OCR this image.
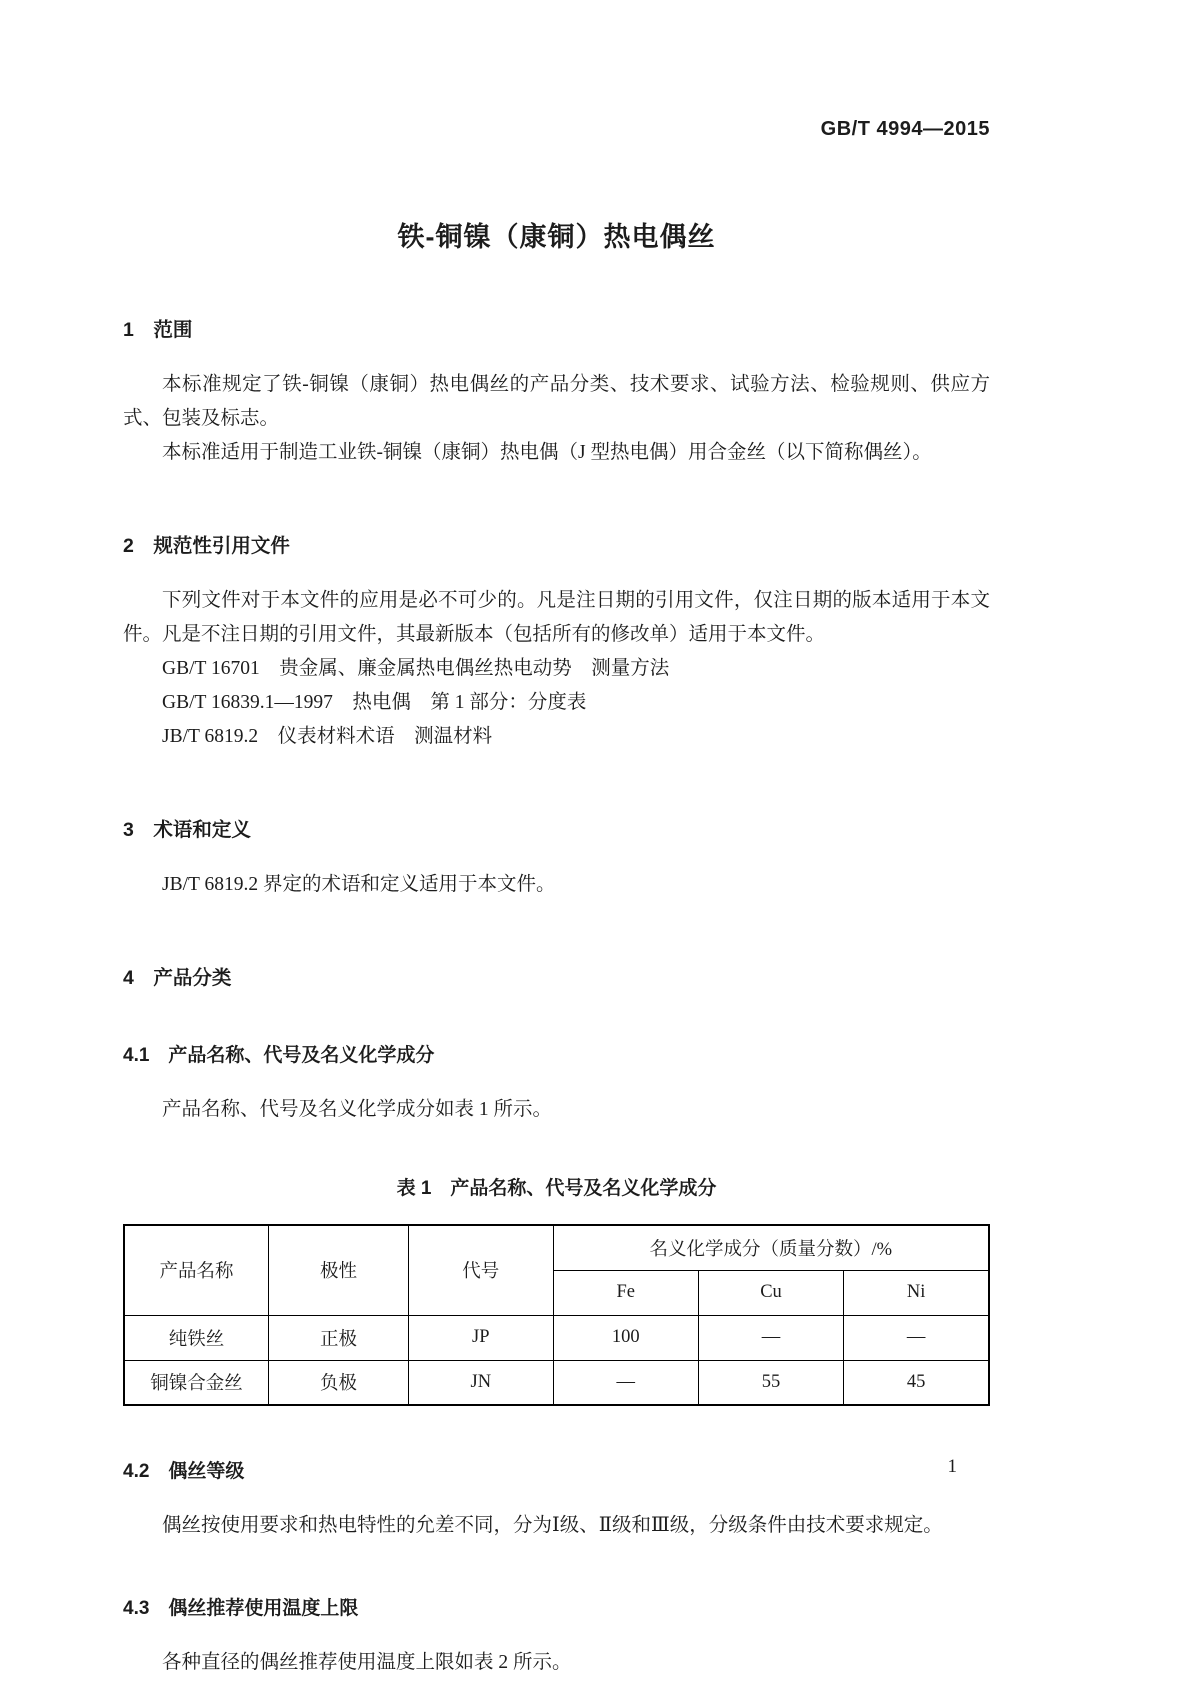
GB/T 4994—2015
铁-铜镍（康铜）热电偶丝
1　范围

本标准规定了铁-铜镍（康铜）热电偶丝的产品分类、技术要求、试验方法、检验规则、供应方式、包装及标志。

本标准适用于制造工业铁-铜镍（康铜）热电偶（J 型热电偶）用合金丝（以下简称偶丝）。

2　规范性引用文件

下列文件对于本文件的应用是必不可少的。凡是注日期的引用文件，仅注日期的版本适用于本文件。凡是不注日期的引用文件，其最新版本（包括所有的修改单）适用于本文件。

GB/T 16701　贵金属、廉金属热电偶丝热电动势　测量方法

GB/T 16839.1—1997　热电偶　第 1 部分：分度表

JB/T 6819.2　仪表材料术语　测温材料

3　术语和定义

JB/T 6819.2 界定的术语和定义适用于本文件。

4　产品分类
4.1　产品名称、代号及名义化学成分

产品名称、代号及名义化学成分如表 1 所示。

表 1　产品名称、代号及名义化学成分
产品名称	极性	代号	名义化学成分（质量分数）/%		
			Fe	Cu	Ni
纯铁丝	正极	JP	100	—	—
铜镍合金丝	负极	JN	—	55	45
4.2　偶丝等级

偶丝按使用要求和热电特性的允差不同，分为Ⅰ级、Ⅱ级和Ⅲ级，分级条件由技术要求规定。

4.3　偶丝推荐使用温度上限

各种直径的偶丝推荐使用温度上限如表 2 所示。

1
